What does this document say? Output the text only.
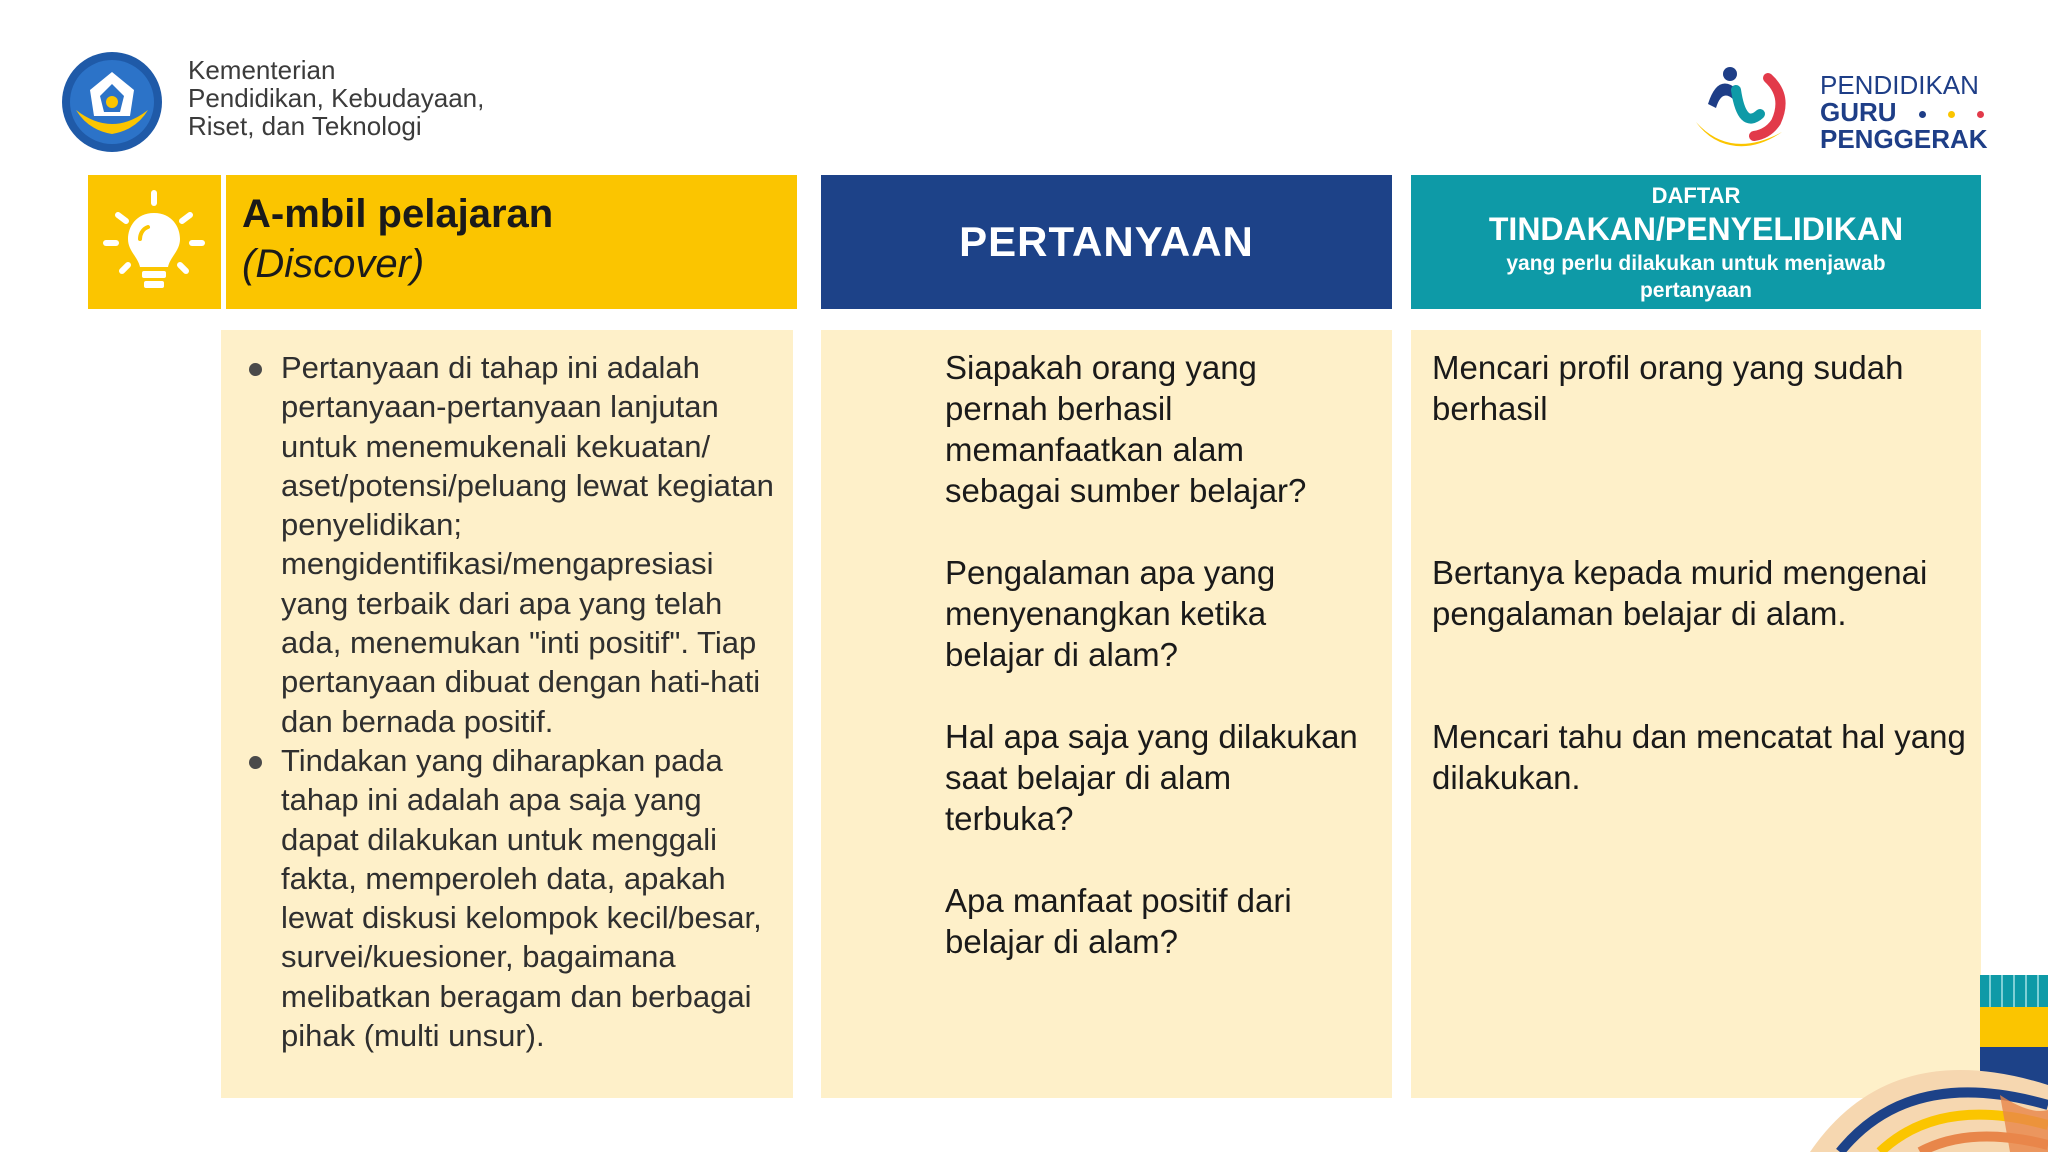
Kementerian
Pendidikan, Kebudayaan,
Riset, dan Teknologi
PENDIDIKAN
GURU
PENGGERAK
A-mbil pelajaran
(Discover)	PERTANYAAN
DAFTAR
TINDAKAN/PENYELIDIKAN
yang perlu dilakukan untuk menjawab pertanyaan
Pertanyaan di tahap ini adalah pertanyaan-pertanyaan lanjutan untuk menemukenali kekuatan/ aset/potensi/peluang lewat kegiatan penyelidikan; mengidentifikasi/mengapresiasi yang terbaik dari apa yang telah ada, menemukan "inti positif". Tiap pertanyaan dibuat dengan hati-hati dan bernada positif.
Tindakan yang diharapkan pada tahap ini adalah apa saja yang dapat dilakukan untuk menggali fakta, memperoleh data, apakah lewat diskusi kelompok kecil/besar, survei/kuesioner, bagaimana melibatkan beragam dan berbagai pihak (multi unsur).
Siapakah orang yang pernah berhasil memanfaatkan alam sebagai sumber belajar?
Pengalaman apa yang menyenangkan ketika belajar di alam?
Hal apa saja yang dilakukan saat belajar di alam terbuka?
Apa manfaat positif dari belajar di alam?
Mencari profil orang yang sudah berhasil
Bertanya kepada murid mengenai pengalaman belajar di alam.
Mencari tahu dan mencatat hal yang dilakukan.
